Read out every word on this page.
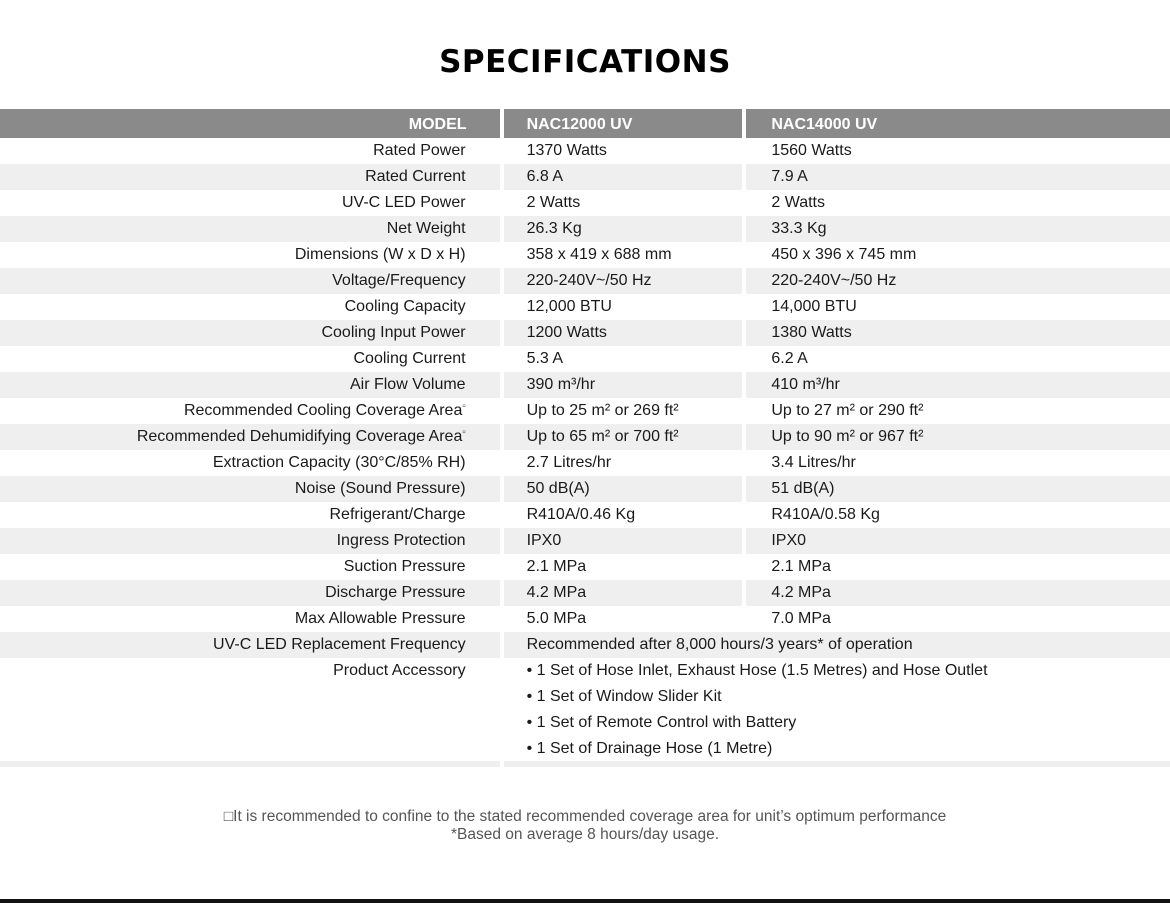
SPECIFICATIONS
MODEL	NAC12000 UV	NAC14000 UV
Rated Power	1370 Watts	1560 Watts
Rated Current	6.8 A	7.9 A
UV-C LED Power	2 Watts	2 Watts
Net Weight	26.3 Kg	33.3 Kg
Dimensions (W x D x H)	358 x 419 x 688 mm	450 x 396 x 745 mm
Voltage/Frequency	220-240V~/50 Hz	220-240V~/50 Hz
Cooling Capacity	12,000 BTU	14,000 BTU
Cooling Input Power	1200 Watts	1380 Watts
Cooling Current	5.3 A	6.2 A
Air Flow Volume	390 m³/hr	410 m³/hr
Recommended Cooling Coverage Area▫	Up to 25 m² or 269 ft²	Up to 27 m² or 290 ft²
Recommended Dehumidifying Coverage Area▫	Up to 65 m² or 700 ft²	Up to 90 m² or 967 ft²
Extraction Capacity (30°C/85% RH)	2.7 Litres/hr	3.4 Litres/hr
Noise (Sound Pressure)	50 dB(A)	51 dB(A)
Refrigerant/Charge	R410A/0.46 Kg	R410A/0.58 Kg
Ingress Protection	IPX0	IPX0
Suction Pressure	2.1 MPa	2.1 MPa
Discharge Pressure	4.2 MPa	4.2 MPa
Max Allowable Pressure	5.0 MPa	7.0 MPa
UV-C LED Replacement Frequency	Recommended after 8,000 hours/3 years* of operation
Product Accessory	• 1 Set of Hose Inlet, Exhaust Hose (1.5 Metres) and Hose Outlet
• 1 Set of Window Slider Kit
• 1 Set of Remote Control with Battery
• 1 Set of Drainage Hose (1 Metre)
□It is recommended to confine to the stated recommended coverage area for unit’s optimum performance
*Based on average 8 hours/day usage.
